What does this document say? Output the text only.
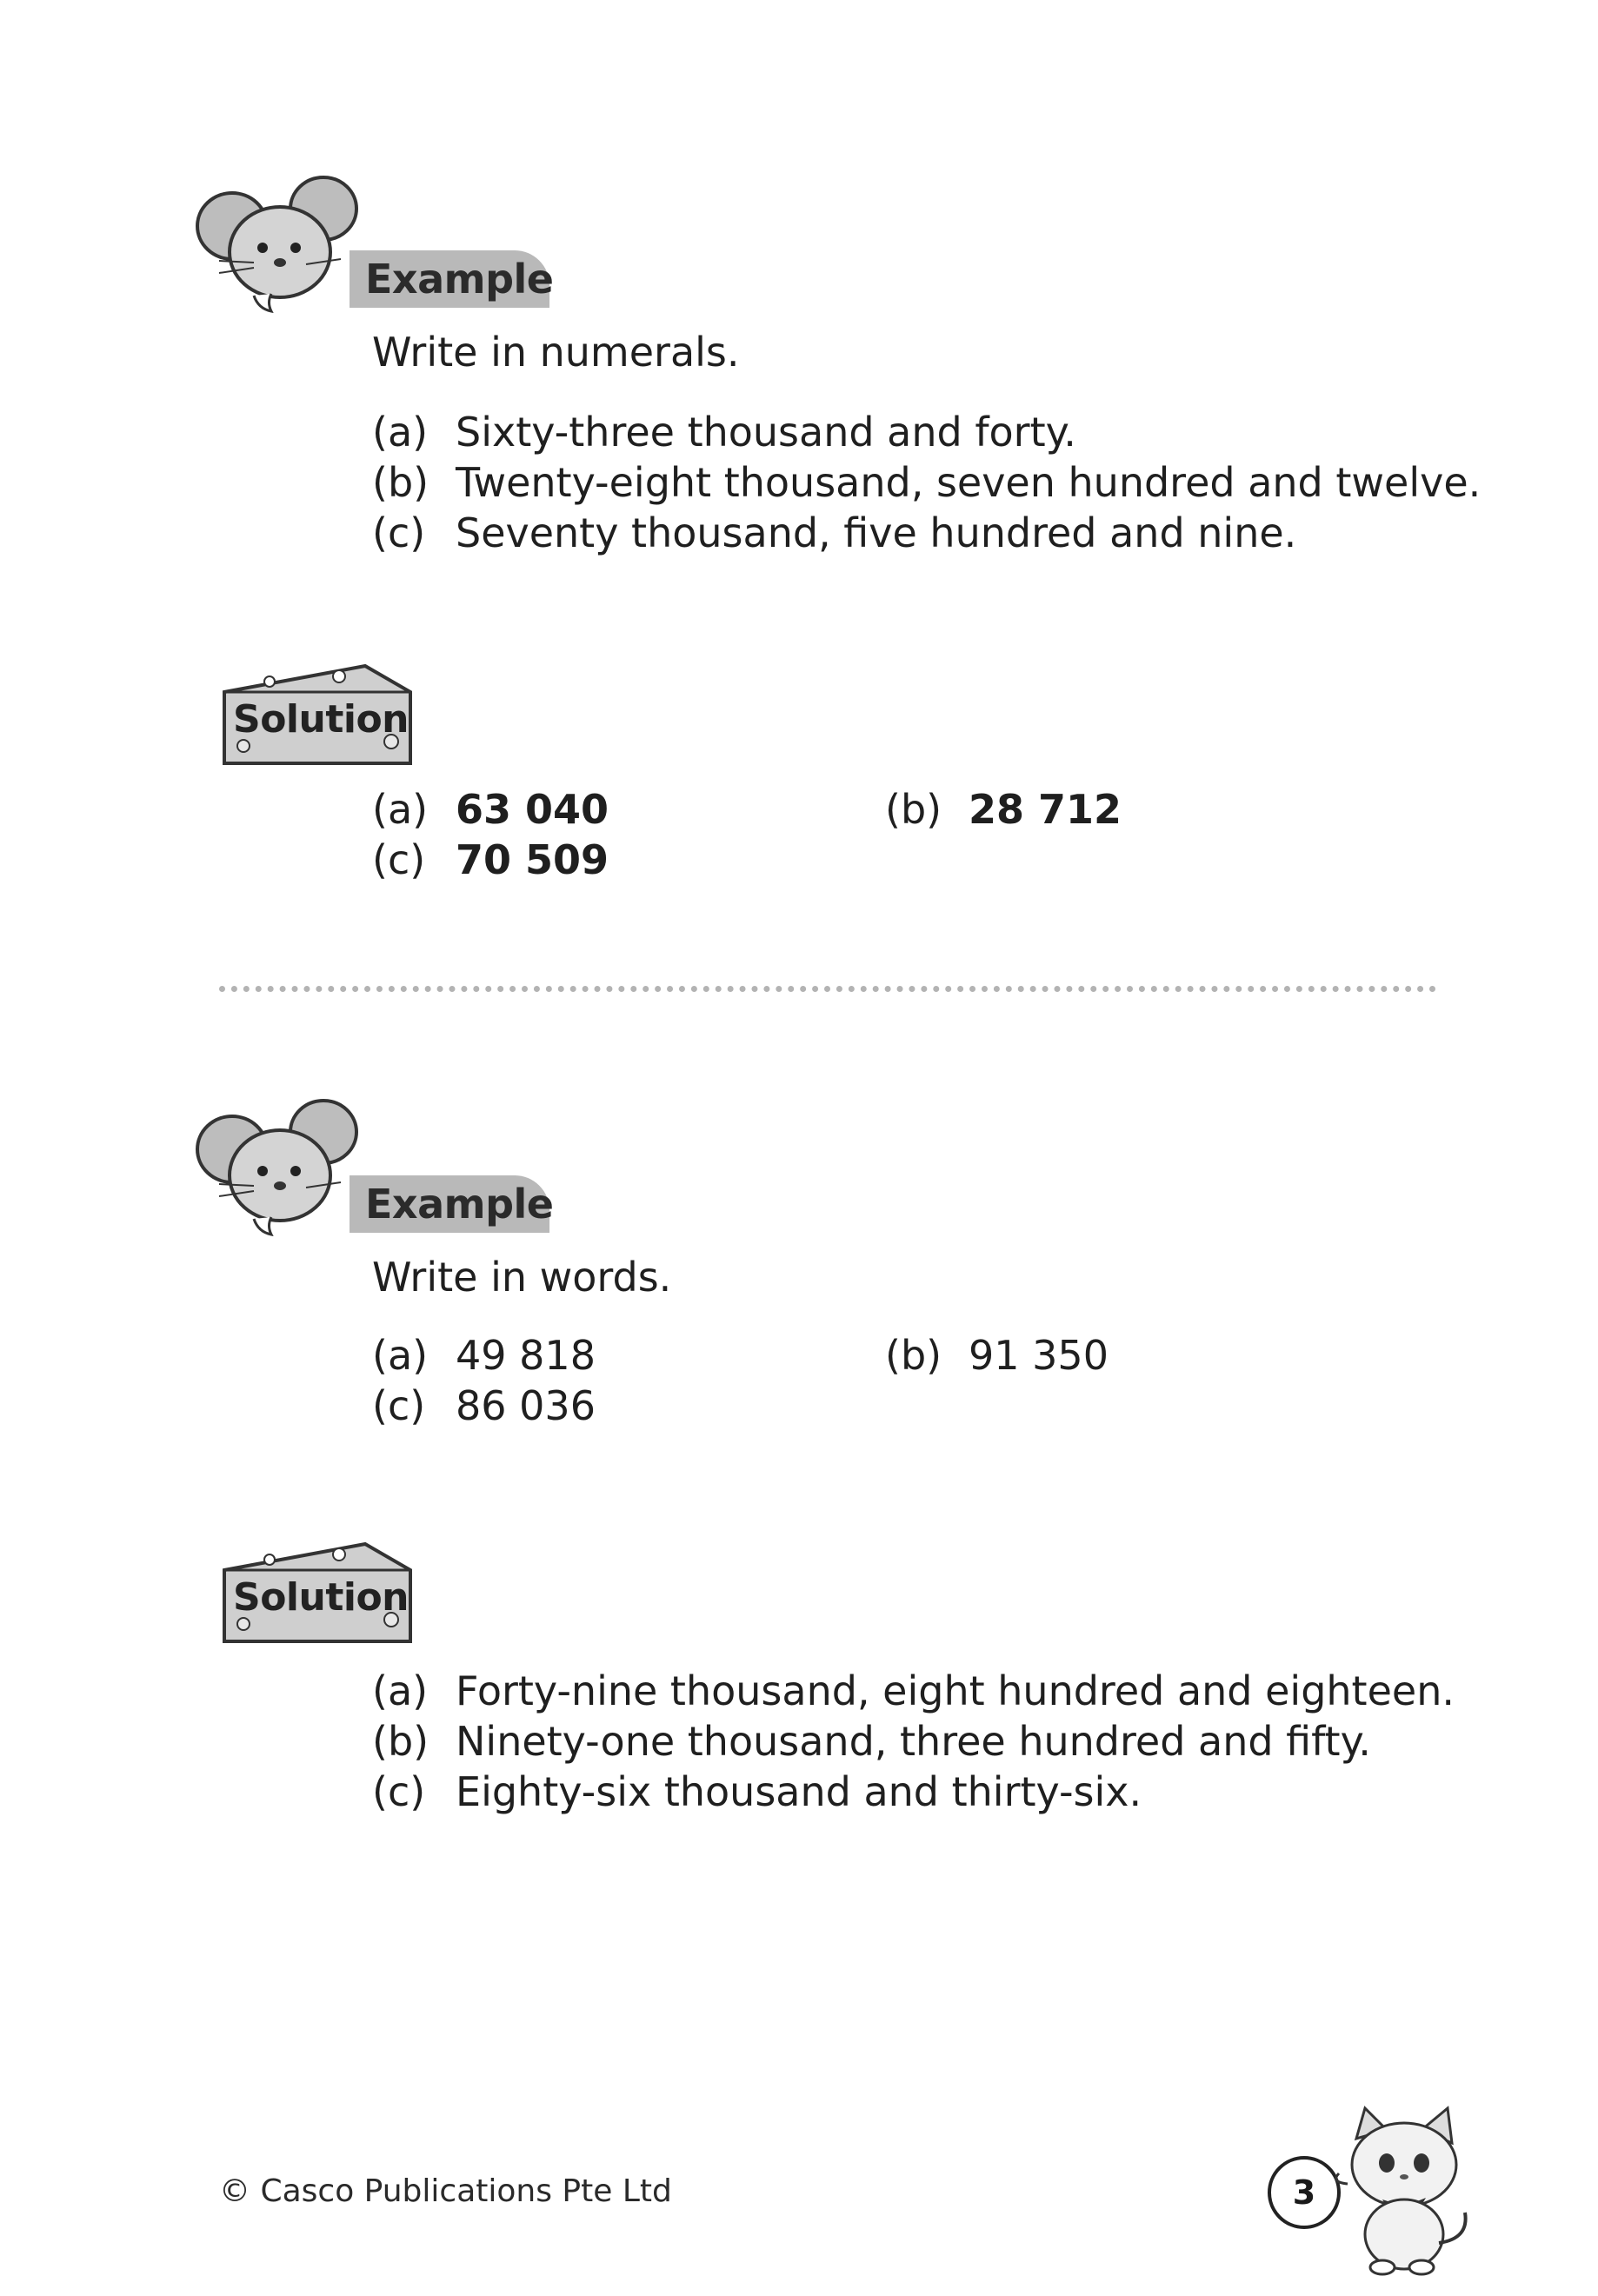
Example
Write in numerals.
(a) Sixty-three thousand and forty.
(b) Twenty-eight thousand, seven hundred and twelve.
(c) Seventy thousand, five hundred and nine.
Solution
(a) 63 040	(b) 28 712
(c) 70 509
Example
Write in words.
(a) 49 818	(b) 91 350
(c) 86 036
Solution
(a) Forty-nine thousand, eight hundred and eighteen.
(b) Ninety-one thousand, three hundred and fifty.
(c) Eighty-six thousand and thirty-six.
© Casco Publications Pte Ltd	3
